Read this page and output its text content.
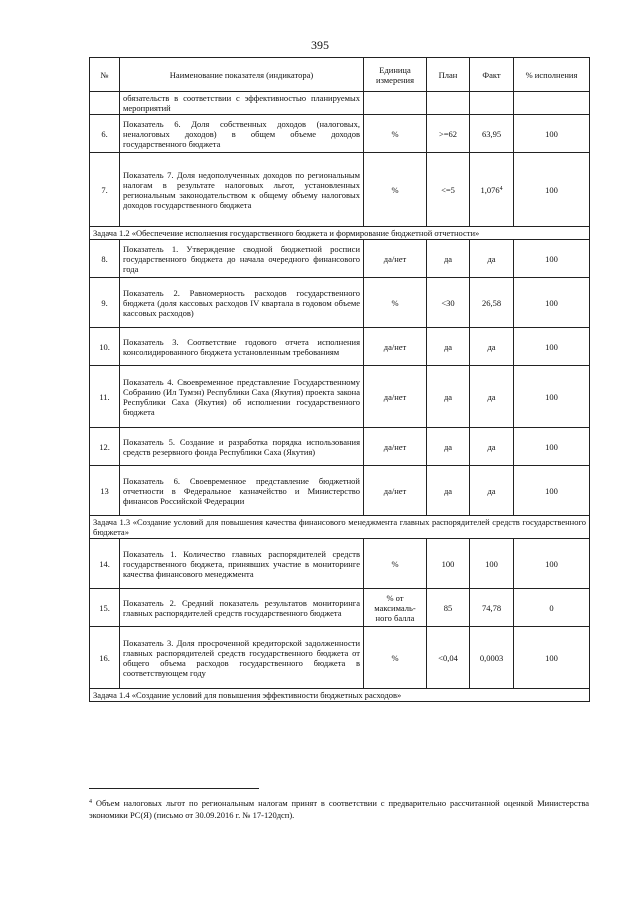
395
№	Наименование показателя (индикатора)	Единица измерения	План	Факт	% исполнения
	обязательств в соответствии с эффективностью планируемых мероприятий				
6.	Показатель 6. Доля собственных доходов (налоговых, неналоговых доходов) в общем объеме доходов государственного бюджета	%	>=62	63,95	100
7.	Показатель 7. Доля недополученных доходов по региональным налогам в результате налоговых льгот, установленных региональным законодательством к общему объему налоговых доходов государственного бюджета	%	<=5	1,076$^4$	100
Задача 1.2 «Обеспечение исполнения государственного бюджета и формирование бюджетной отчетности»					
8.	Показатель 1. Утверждение сводной бюджетной росписи государственного бюджета до начала очередного финансового года	да/нет	да	да	100
9.	Показатель 2. Равномерность расходов государственного бюджета (доля кассовых расходов IV квартала в годовом объеме кассовых расходов)	%	<30	26,58	100
10.	Показатель 3. Соответствие годового отчета исполнения консолидированного бюджета установленным требованиям	да/нет	да	да	100
11.	Показатель 4. Своевременное представление Государственному Собранию (Ил Тумэн) Республики Саха (Якутия) проекта закона Республики Саха (Якутия) об исполнении государственного бюджета	да/нет	да	да	100
12.	Показатель 5. Создание и разработка порядка использования средств резервного фонда Республики Саха (Якутия)	да/нет	да	да	100
13	Показатель 6. Своевременное представление бюджетной отчетности в Федеральное казначейство и Министерство финансов Российской Федерации	да/нет	да	да	100
Задача 1.3 «Создание условий для повышения качества финансового менеджмента главных распорядителей средств государственного бюджета»					
14.	Показатель 1. Количество главных распорядителей средств государственного бюджета, принявших участие в мониторинге качества финансового менеджмента	%	100	100	100
15.	Показатель 2. Средний показатель результатов мониторинга главных распорядителей средств государственного бюджета	% от максималь-ного балла	85	74,78	0
16.	Показатель 3. Доля просроченной кредиторской задолженности главных распорядителей средств государственного бюджета от общего объема расходов государственного бюджета в соответствующем году	%	<0,04	0,0003	100
Задача 1.4 «Создание условий для повышения эффективности бюджетных расходов»					
$^4$ Объем налоговых льгот по региональным налогам принят в соответствии с предварительно рассчитанной оценкой Министерства экономики РС(Я) (письмо от 30.09.2016 г. № 17-120дсп).
